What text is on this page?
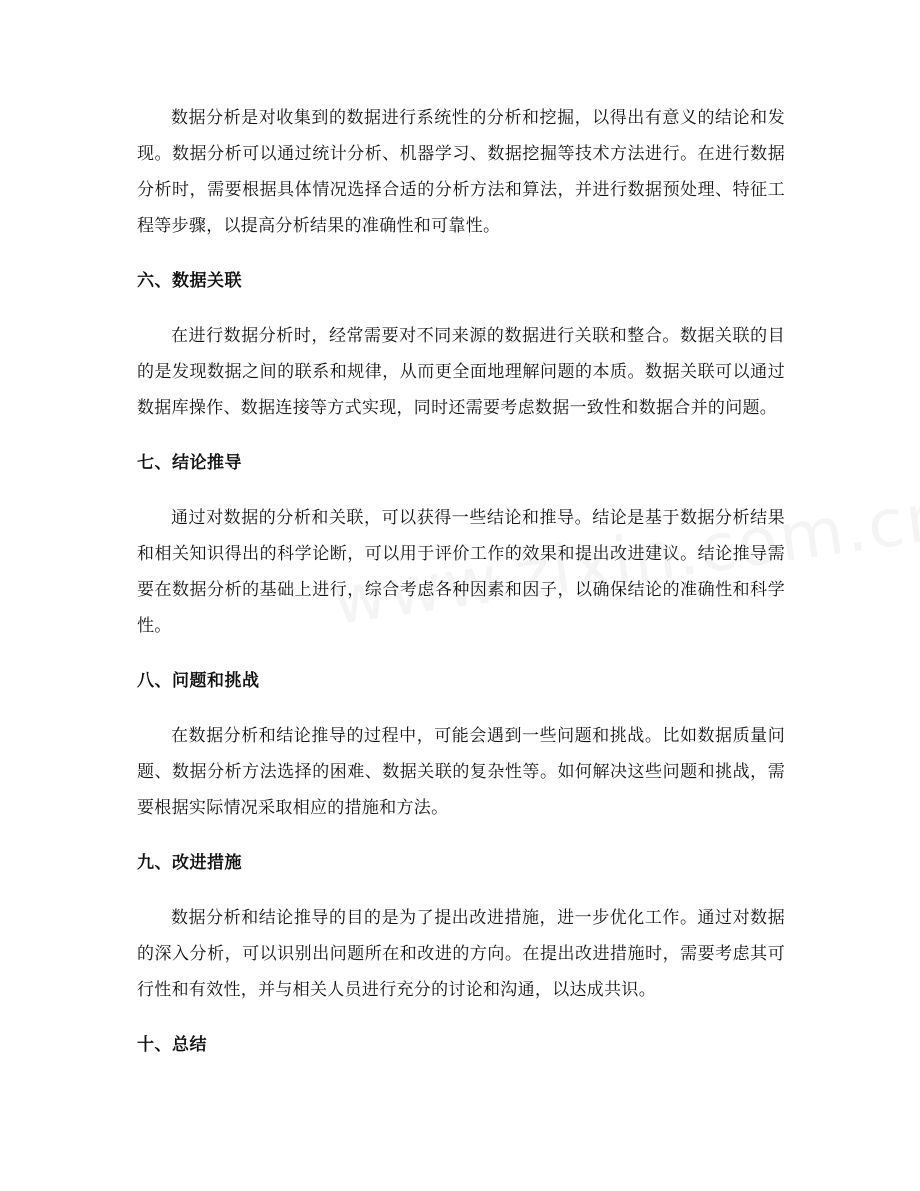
数据分析是对收集到的数据进行系统性的分析和挖掘，以得出有意义的结论和发现。数据分析可以通过统计分析、机器学习、数据挖掘等技术方法进行。在进行数据分析时，需要根据具体情况选择合适的分析方法和算法，并进行数据预处理、特征工程等步骤，以提高分析结果的准确性和可靠性。

六、数据关联

在进行数据分析时，经常需要对不同来源的数据进行关联和整合。数据关联的目的是发现数据之间的联系和规律，从而更全面地理解问题的本质。数据关联可以通过数据库操作、数据连接等方式实现，同时还需要考虑数据一致性和数据合并的问题。

七、结论推导

通过对数据的分析和关联，可以获得一些结论和推导。结论是基于数据分析结果和相关知识得出的科学论断，可以用于评价工作的效果和提出改进建议。结论推导需要在数据分析的基础上进行，综合考虑各种因素和因子，以确保结论的准确性和科学性。

八、问题和挑战

在数据分析和结论推导的过程中，可能会遇到一些问题和挑战。比如数据质量问题、数据分析方法选择的困难、数据关联的复杂性等。如何解决这些问题和挑战，需要根据实际情况采取相应的措施和方法。

九、改进措施

数据分析和结论推导的目的是为了提出改进措施，进一步优化工作。通过对数据的深入分析，可以识别出问题所在和改进的方向。在提出改进措施时，需要考虑其可行性和有效性，并与相关人员进行充分的讨论和沟通，以达成共识。

十、总结
